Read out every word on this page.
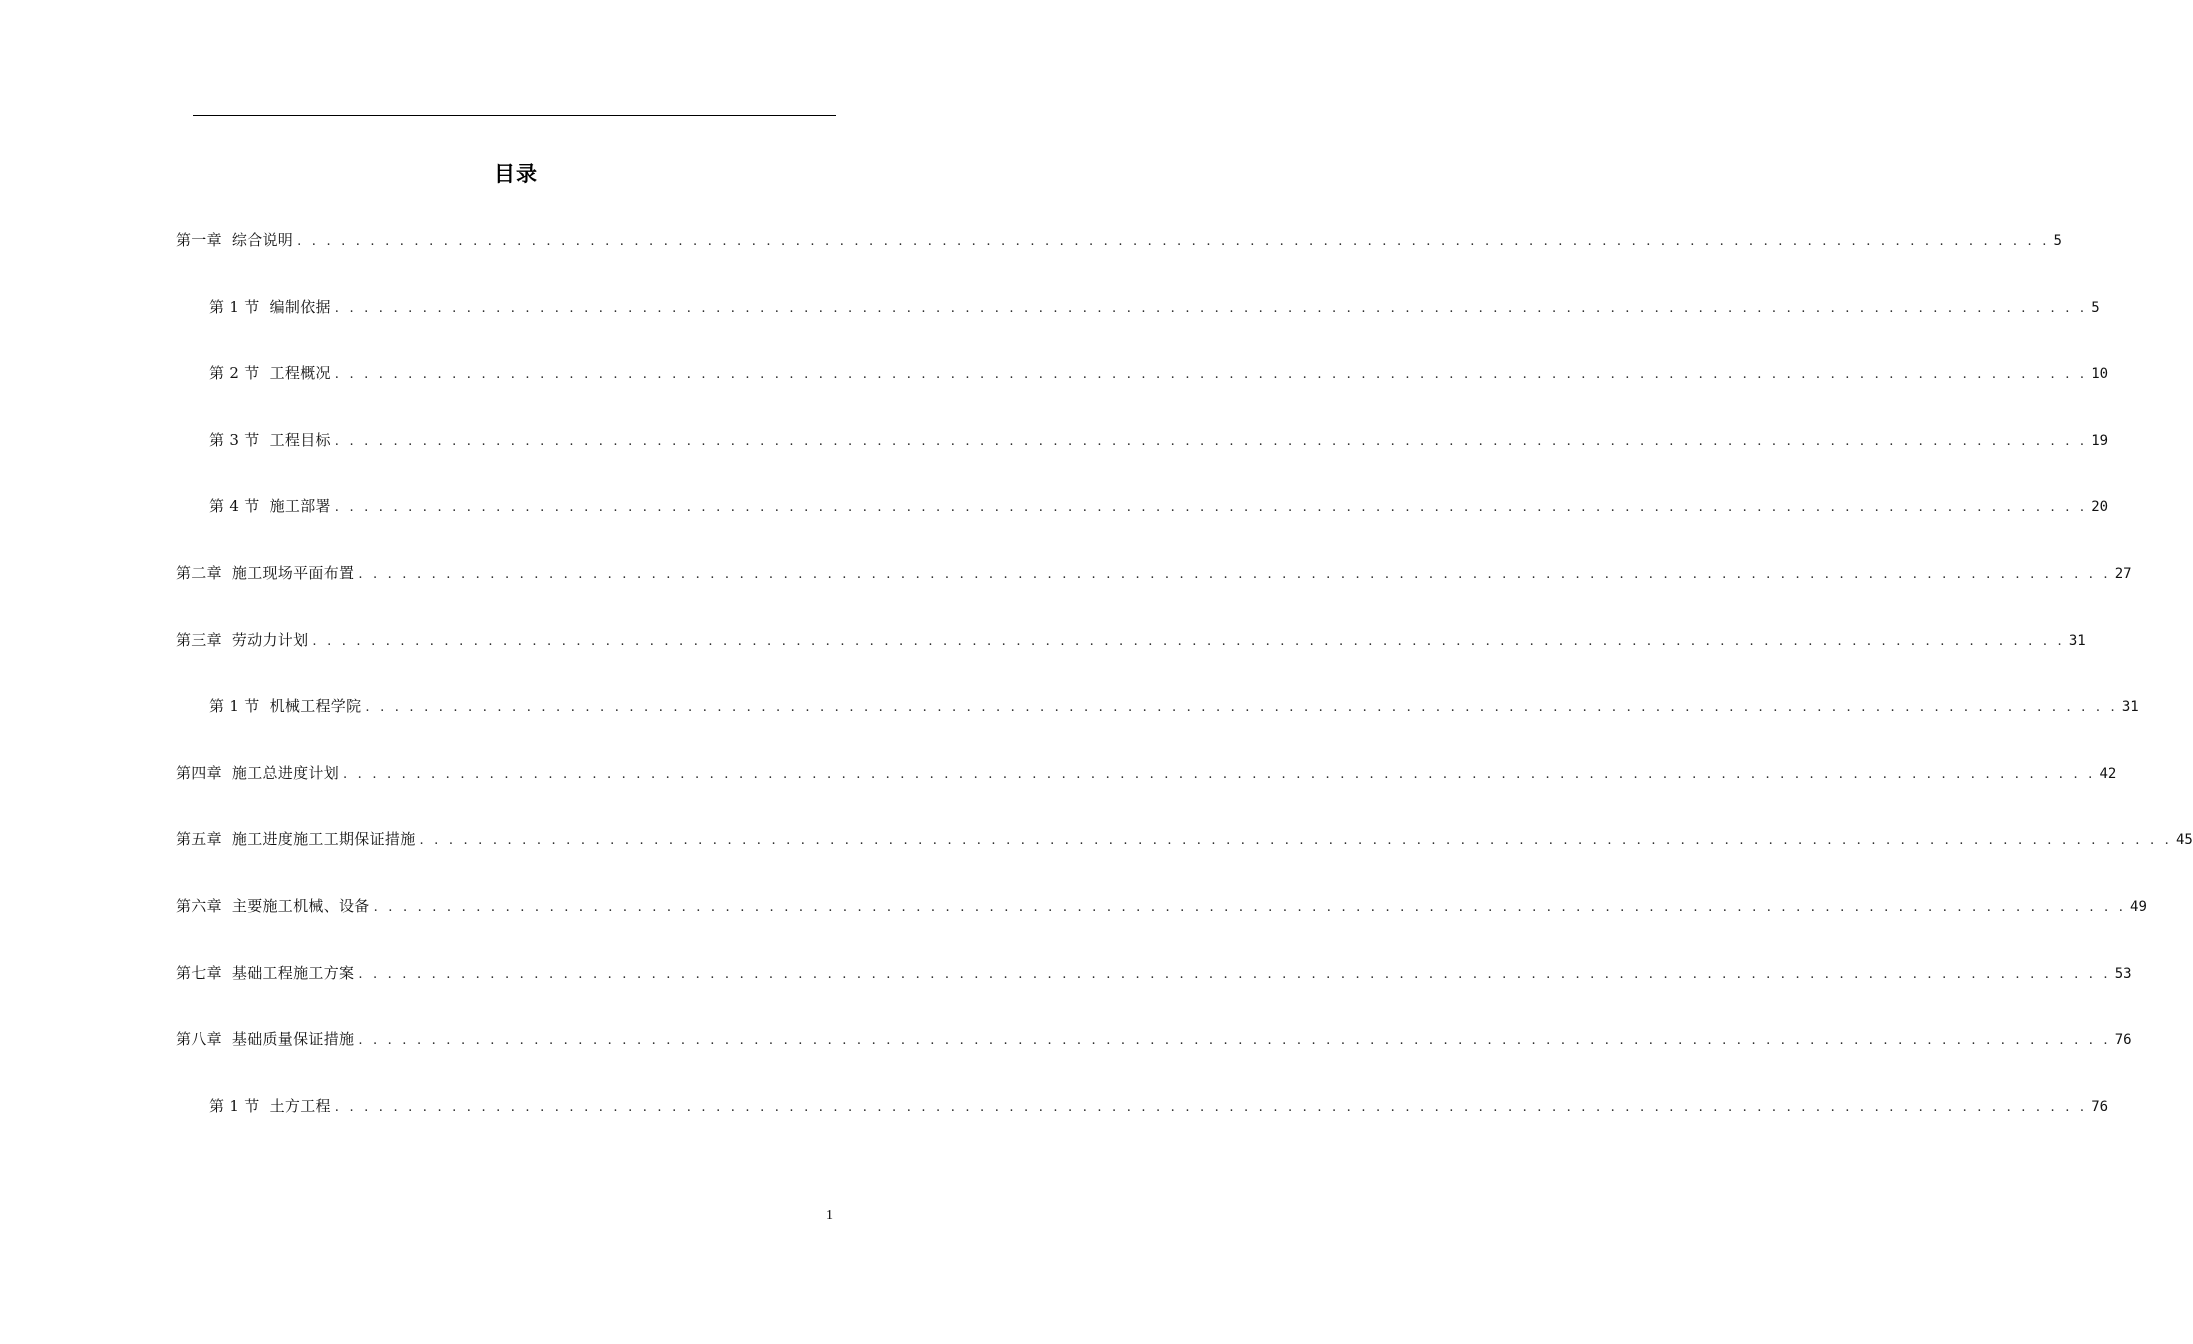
目录
第一章 综合说明 . . . . . . . . . . . . . . . . . . . . . . . . . . . . . . . . . . . . . . . . . . . . . . . . . . . . . . . . . . . . . . . . . . . . . . . . . . . . . . . . . . . . . . . . . . . . . . . . . . . . . . . . . . . . . . . . . . . . . . . . 5
第 1 节 编制依据 . . . . . . . . . . . . . . . . . . . . . . . . . . . . . . . . . . . . . . . . . . . . . . . . . . . . . . . . . . . . . . . . . . . . . . . . . . . . . . . . . . . . . . . . . . . . . . . . . . . . . . . . . . . . . . . . . . . . . . . . 5
第 2 节 工程概况 . . . . . . . . . . . . . . . . . . . . . . . . . . . . . . . . . . . . . . . . . . . . . . . . . . . . . . . . . . . . . . . . . . . . . . . . . . . . . . . . . . . . . . . . . . . . . . . . . . . . . . . . . . . . . . . . . . . . . . . . 10
第 3 节 工程目标 . . . . . . . . . . . . . . . . . . . . . . . . . . . . . . . . . . . . . . . . . . . . . . . . . . . . . . . . . . . . . . . . . . . . . . . . . . . . . . . . . . . . . . . . . . . . . . . . . . . . . . . . . . . . . . . . . . . . . . . . 19
第 4 节 施工部署 . . . . . . . . . . . . . . . . . . . . . . . . . . . . . . . . . . . . . . . . . . . . . . . . . . . . . . . . . . . . . . . . . . . . . . . . . . . . . . . . . . . . . . . . . . . . . . . . . . . . . . . . . . . . . . . . . . . . . . . . 20
第二章 施工现场平面布置 . . . . . . . . . . . . . . . . . . . . . . . . . . . . . . . . . . . . . . . . . . . . . . . . . . . . . . . . . . . . . . . . . . . . . . . . . . . . . . . . . . . . . . . . . . . . . . . . . . . . . . . . . . . . . . . . . . . . . . . . 27
第三章 劳动力计划 . . . . . . . . . . . . . . . . . . . . . . . . . . . . . . . . . . . . . . . . . . . . . . . . . . . . . . . . . . . . . . . . . . . . . . . . . . . . . . . . . . . . . . . . . . . . . . . . . . . . . . . . . . . . . . . . . . . . . . . . 31
第 1 节 机械工程学院 . . . . . . . . . . . . . . . . . . . . . . . . . . . . . . . . . . . . . . . . . . . . . . . . . . . . . . . . . . . . . . . . . . . . . . . . . . . . . . . . . . . . . . . . . . . . . . . . . . . . . . . . . . . . . . . . . . . . . . . . 31
第四章 施工总进度计划 . . . . . . . . . . . . . . . . . . . . . . . . . . . . . . . . . . . . . . . . . . . . . . . . . . . . . . . . . . . . . . . . . . . . . . . . . . . . . . . . . . . . . . . . . . . . . . . . . . . . . . . . . . . . . . . . . . . . . . . . 42
第五章 施工进度施工工期保证措施 . . . . . . . . . . . . . . . . . . . . . . . . . . . . . . . . . . . . . . . . . . . . . . . . . . . . . . . . . . . . . . . . . . . . . . . . . . . . . . . . . . . . . . . . . . . . . . . . . . . . . . . . . . . . . . . . . . . . . . . . 45
第六章 主要施工机械、设备 . . . . . . . . . . . . . . . . . . . . . . . . . . . . . . . . . . . . . . . . . . . . . . . . . . . . . . . . . . . . . . . . . . . . . . . . . . . . . . . . . . . . . . . . . . . . . . . . . . . . . . . . . . . . . . . . . . . . . . . . 49
第七章 基础工程施工方案 . . . . . . . . . . . . . . . . . . . . . . . . . . . . . . . . . . . . . . . . . . . . . . . . . . . . . . . . . . . . . . . . . . . . . . . . . . . . . . . . . . . . . . . . . . . . . . . . . . . . . . . . . . . . . . . . . . . . . . . . 53
第八章 基础质量保证措施 . . . . . . . . . . . . . . . . . . . . . . . . . . . . . . . . . . . . . . . . . . . . . . . . . . . . . . . . . . . . . . . . . . . . . . . . . . . . . . . . . . . . . . . . . . . . . . . . . . . . . . . . . . . . . . . . . . . . . . . . 76
第 1 节 土方工程 . . . . . . . . . . . . . . . . . . . . . . . . . . . . . . . . . . . . . . . . . . . . . . . . . . . . . . . . . . . . . . . . . . . . . . . . . . . . . . . . . . . . . . . . . . . . . . . . . . . . . . . . . . . . . . . . . . . . . . . . 76
1
